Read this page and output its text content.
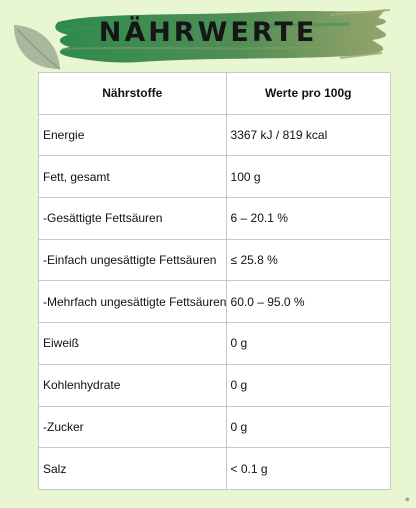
NÄHRWERTE
Nährstoffe	Werte pro 100g
Energie	3367 kJ / 819 kcal
Fett, gesamt	100 g
-Gesättigte Fettsäuren	6 – 20.1 %
-Einfach ungesättigte Fettsäuren	≤ 25.8 %
-Mehrfach ungesättigte Fettsäuren	60.0 – 95.0 %
Eiweiß	0 g
Kohlenhydrate	0 g
-Zucker	0 g
Salz	< 0.1 g
●
